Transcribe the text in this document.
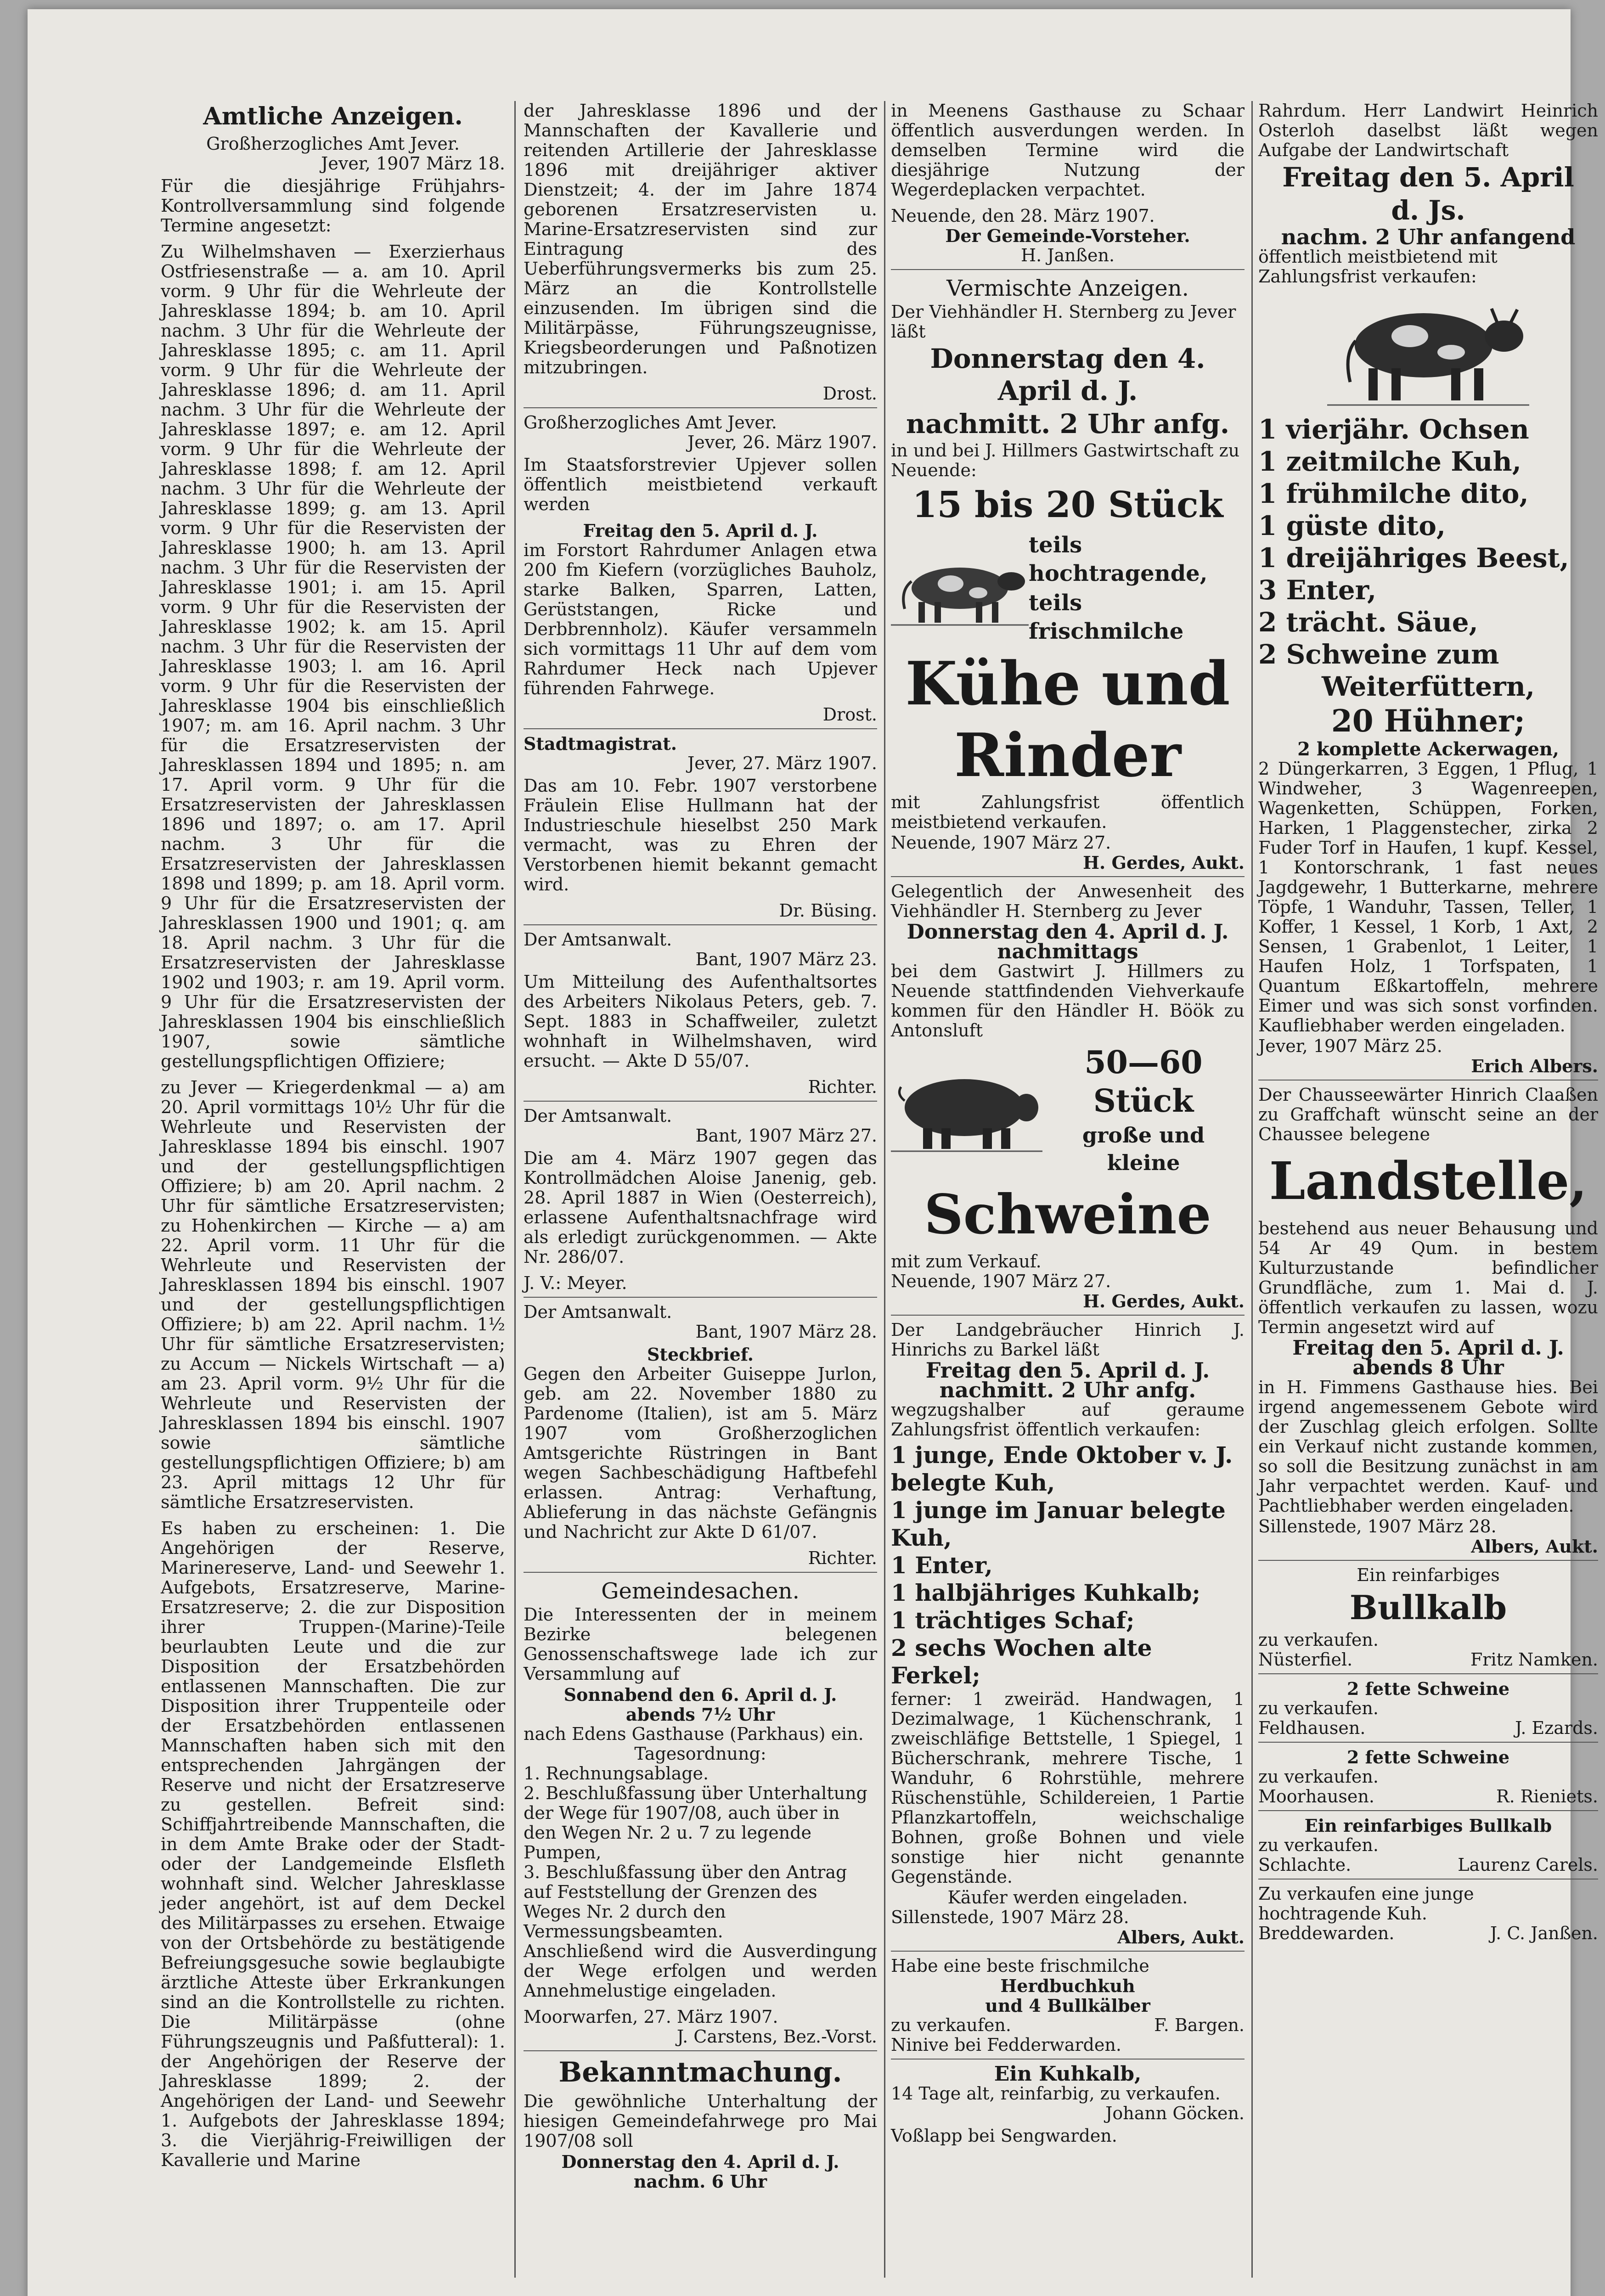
Amtliche Anzeigen.
Großherzogliches Amt Jever.
Jever, 1907 März 18.

Für die diesjährige Frühjahrs-Kontrollversammlung sind folgende Termine angesetzt:

Zu Wilhelmshaven — Exerzierhaus Ostfriesenstraße — a. am 10. April vorm. 9 Uhr für die Wehrleute der Jahresklasse 1894; b. am 10. April nachm. 3 Uhr für die Wehrleute der Jahresklasse 1895; c. am 11. April vorm. 9 Uhr für die Wehrleute der Jahresklasse 1896; d. am 11. April nachm. 3 Uhr für die Wehrleute der Jahresklasse 1897; e. am 12. April vorm. 9 Uhr für die Wehrleute der Jahresklasse 1898; f. am 12. April nachm. 3 Uhr für die Wehrleute der Jahresklasse 1899; g. am 13. April vorm. 9 Uhr für die Reservisten der Jahresklasse 1900; h. am 13. April nachm. 3 Uhr für die Reservisten der Jahresklasse 1901; i. am 15. April vorm. 9 Uhr für die Reservisten der Jahresklasse 1902; k. am 15. April nachm. 3 Uhr für die Reservisten der Jahresklasse 1903; l. am 16. April vorm. 9 Uhr für die Reservisten der Jahresklasse 1904 bis einschließlich 1907; m. am 16. April nachm. 3 Uhr für die Ersatzreservisten der Jahresklassen 1894 und 1895; n. am 17. April vorm. 9 Uhr für die Ersatzreservisten der Jahresklassen 1896 und 1897; o. am 17. April nachm. 3 Uhr für die Ersatzreservisten der Jahresklassen 1898 und 1899; p. am 18. April vorm. 9 Uhr für die Ersatzreservisten der Jahresklassen 1900 und 1901; q. am 18. April nachm. 3 Uhr für die Ersatzreservisten der Jahresklasse 1902 und 1903; r. am 19. April vorm. 9 Uhr für die Ersatzreservisten der Jahresklassen 1904 bis einschließlich 1907, sowie sämtliche gestellungspflichtigen Offiziere;

zu Jever — Kriegerdenkmal — a) am 20. April vormittags 10½ Uhr für die Wehrleute und Reservisten der Jahresklasse 1894 bis einschl. 1907 und der gestellungspflichtigen Offiziere; b) am 20. April nachm. 2 Uhr für sämtliche Ersatzreservisten; zu Hohenkirchen — Kirche — a) am 22. April vorm. 11 Uhr für die Wehrleute und Reservisten der Jahresklassen 1894 bis einschl. 1907 und der gestellungspflichtigen Offiziere; b) am 22. April nachm. 1½ Uhr für sämtliche Ersatzreservisten; zu Accum — Nickels Wirtschaft — a) am 23. April vorm. 9½ Uhr für die Wehrleute und Reservisten der Jahresklassen 1894 bis einschl. 1907 sowie sämtliche gestellungspflichtigen Offiziere; b) am 23. April mittags 12 Uhr für sämtliche Ersatzreservisten.

Es haben zu erscheinen: 1. Die Angehörigen der Reserve, Marinereserve, Land- und Seewehr 1. Aufgebots, Ersatzreserve, Marine-Ersatzreserve; 2. die zur Disposition ihrer Truppen-(Marine)-Teile beurlaubten Leute und die zur Disposition der Ersatzbehörden entlassenen Mannschaften. Die zur Disposition ihrer Truppenteile oder der Ersatzbehörden entlassenen Mannschaften haben sich mit den entsprechenden Jahrgängen der Reserve und nicht der Ersatzreserve zu gestellen. Befreit sind: Schiffjahrtreibende Mannschaften, die in dem Amte Brake oder der Stadt- oder der Landgemeinde Elsfleth wohnhaft sind. Welcher Jahresklasse jeder angehört, ist auf dem Deckel des Militärpasses zu ersehen. Etwaige von der Ortsbehörde zu bestätigende Befreiungsgesuche sowie beglaubigte ärztliche Atteste über Erkrankungen sind an die Kontrollstelle zu richten. Die Militärpässe (ohne Führungszeugnis und Paßfutteral): 1. der Angehörigen der Reserve der Jahresklasse 1899; 2. der Angehörigen der Land- und Seewehr 1. Aufgebots der Jahresklasse 1894; 3. die Vierjährig-Freiwilligen der Kavallerie und Marine

der Jahresklasse 1896 und der Mannschaften der Kavallerie und reitenden Artillerie der Jahresklasse 1896 mit dreijähriger aktiver Dienstzeit; 4. der im Jahre 1874 geborenen Ersatzreservisten u. Marine-Ersatzreservisten sind zur Eintragung des Ueberführungsvermerks bis zum 25. März an die Kontrollstelle einzusenden. Im übrigen sind die Militärpässe, Führungszeugnisse, Kriegsbeorderungen und Paßnotizen mitzubringen.

Drost.
Großherzogliches Amt Jever.
Jever, 26. März 1907.

Im Staatsforstrevier Upjever sollen öffentlich meistbietend verkauft werden

Freitag den 5. April d. J.

im Forstort Rahrdumer Anlagen etwa 200 fm Kiefern (vorzügliches Bauholz, starke Balken, Sparren, Latten, Gerüststangen, Ricke und Derbbrennholz). Käufer versammeln sich vormittags 11 Uhr auf dem vom Rahrdumer Heck nach Upjever führenden Fahrwege.

Drost.
Stadtmagistrat.
Jever, 27. März 1907.

Das am 10. Febr. 1907 verstorbene Fräulein Elise Hullmann hat der Industrieschule hieselbst 250 Mark vermacht, was zu Ehren der Verstorbenen hiemit bekannt gemacht wird.

Dr. Büsing.
Der Amtsanwalt.
Bant, 1907 März 23.

Um Mitteilung des Aufenthaltsortes des Arbeiters Nikolaus Peters, geb. 7. Sept. 1883 in Schaffweiler, zuletzt wohnhaft in Wilhelmshaven, wird ersucht. — Akte D 55/07.

Richter.
Der Amtsanwalt.
Bant, 1907 März 27.

Die am 4. März 1907 gegen das Kontrollmädchen Aloise Janenig, geb. 28. April 1887 in Wien (Oesterreich), erlassene Aufenthaltsnachfrage wird als erledigt zurückgenommen. — Akte Nr. 286/07.

J. V.: Meyer.
Der Amtsanwalt.
Bant, 1907 März 28.
Steckbrief.

Gegen den Arbeiter Guiseppe Jurlon, geb. am 22. November 1880 zu Pardenome (Italien), ist am 5. März 1907 vom Großherzoglichen Amtsgerichte Rüstringen in Bant wegen Sachbeschädigung Haftbefehl erlassen. Antrag: Verhaftung, Ablieferung in das nächste Gefängnis und Nachricht zur Akte D 61/07.

Richter.
Gemeindesachen.

Die Interessenten der in meinem Bezirke belegenen Genossenschaftswege lade ich zur Versammlung auf

Sonnabend den 6. April d. J.
abends 7½ Uhr
nach Edens Gasthause (Parkhaus) ein.
Tagesordnung:
1. Rechnungsablage.
2. Beschlußfassung über Unterhaltung der Wege für 1907/08, auch über in den Wegen Nr. 2 u. 7 zu legende Pumpen,
3. Beschlußfassung über den Antrag auf Feststellung der Grenzen des Weges Nr. 2 durch den Vermessungsbeamten.

Anschließend wird die Ausverdingung der Wege erfolgen und werden Annehmelustige eingeladen.

Moorwarfen, 27. März 1907.
J. Carstens, Bez.-Vorst.
Bekanntmachung.

Die gewöhnliche Unterhaltung der hiesigen Gemeindefahrwege pro Mai 1907/08 soll

Donnerstag den 4. April d. J.
nachm. 6 Uhr

in Meenens Gasthause zu Schaar öffentlich ausverdungen werden. In demselben Termine wird die diesjährige Nutzung der Wegerdeplacken verpachtet.

Neuende, den 28. März 1907.
Der Gemeinde-Vorsteher.
H. Janßen.
Vermischte Anzeigen.
Der Viehhändler H. Sternberg zu Jever läßt
Donnerstag den 4. April d. J.
nachmitt. 2 Uhr anfg.
in und bei J. Hillmers Gastwirtschaft zu Neuende:
15 bis 20 Stück
teils hochtragende,
teils frischmilche
Kühe und
Rinder

mit Zahlungsfrist öffentlich meistbietend verkaufen.

Neuende, 1907 März 27.
H. Gerdes, Aukt.

Gelegentlich der Anwesenheit des Viehhändler H. Sternberg zu Jever

Donnerstag den 4. April d. J.
nachmittags

bei dem Gastwirt J. Hillmers zu Neuende stattfindenden Viehverkaufe kommen für den Händler H. Böök zu Antonsluft

50—60 Stück
große und kleine
Schweine
mit zum Verkauf.
Neuende, 1907 März 27.
H. Gerdes, Aukt.

Der Landgebräucher Hinrich J. Hinrichs zu Barkel läßt

Freitag den 5. April d. J.
nachmitt. 2 Uhr anfg.

wegzugshalber auf geraume Zahlungsfrist öffentlich verkaufen:

1 junge, Ende Oktober v. J. belegte Kuh,
1 junge im Januar belegte Kuh,
1 Enter,
1 halbjähriges Kuhkalb;
1 trächtiges Schaf;
2 sechs Wochen alte Ferkel;

ferner: 1 zweiräd. Handwagen, 1 Dezimalwage, 1 Küchenschrank, 1 zweischläfige Bettstelle, 1 Spiegel, 1 Bücherschrank, mehrere Tische, 1 Wanduhr, 6 Rohrstühle, mehrere Rüschenstühle, Schildereien, 1 Partie Pflanzkartoffeln, weichschalige Bohnen, große Bohnen und viele sonstige hier nicht genannte Gegenstände.

Käufer werden eingeladen.
Sillenstede, 1907 März 28.
Albers, Aukt.
Habe eine beste frischmilche
Herdbuchkuh
und 4 Bullkälber
zu verkaufen.	F. Bargen.
Ninive bei Fedderwarden.
Ein Kuhkalb,
14 Tage alt, reinfarbig, zu verkaufen.
Johann Göcken.
Voßlapp bei Sengwarden.

Rahrdum. Herr Landwirt Heinrich Osterloh daselbst läßt wegen Aufgabe der Landwirtschaft

Freitag den 5. April
d. Js.
nachm. 2 Uhr anfangend
öffentlich meistbietend mit Zahlungsfrist verkaufen:
1 vierjähr. Ochsen
1 zeitmilche Kuh,
1 frühmilche dito,
1 güste dito,
1 dreijähriges Beest,
3 Enter,
2 trächt. Säue,
2 Schweine zum
Weiterfüttern,
20 Hühner;
2 komplette Ackerwagen,

2 Düngerkarren, 3 Eggen, 1 Pflug, 1 Windweher, 3 Wagenreepen, Wagenketten, Schüppen, Forken, Harken, 1 Plaggenstecher, zirka 2 Fuder Torf in Haufen, 1 kupf. Kessel, 1 Kontorschrank, 1 fast neues Jagdgewehr, 1 Butterkarne, mehrere Töpfe, 1 Wanduhr, Tassen, Teller, 1 Koffer, 1 Kessel, 1 Korb, 1 Axt, 2 Sensen, 1 Grabenlot, 1 Leiter, 1 Haufen Holz, 1 Torfspaten, 1 Quantum Eßkartoffeln, mehrere Eimer und was sich sonst vorfinden. Kaufliebhaber werden eingeladen.

Jever, 1907 März 25.
Erich Albers.

Der Chausseewärter Hinrich Claaßen zu Graffchaft wünscht seine an der Chaussee belegene

Landstelle,

bestehend aus neuer Behausung und 54 Ar 49 Qum. in bestem Kulturzustande befindlicher Grundfläche, zum 1. Mai d. J. öffentlich verkaufen zu lassen, wozu Termin angesetzt wird auf

Freitag den 5. April d. J.
abends 8 Uhr

in H. Fimmens Gasthause hies. Bei irgend angemessenem Gebote wird der Zuschlag gleich erfolgen. Sollte ein Verkauf nicht zustande kommen, so soll die Besitzung zunächst in am Jahr verpachtet werden. Kauf- und Pachtliebhaber werden eingeladen.

Sillenstede, 1907 März 28.
Albers, Aukt.
Ein reinfarbiges
Bullkalb
zu verkaufen.
Nüsterfiel.	Fritz Namken.
2 fette Schweine
zu verkaufen.
Feldhausen.	J. Ezards.
2 fette Schweine
zu verkaufen.
Moorhausen.	R. Rieniets.
Ein reinfarbiges Bullkalb
zu verkaufen.
Schlachte.	Laurenz Carels.
Zu verkaufen eine junge hochtragende Kuh.
Breddewarden.	J. C. Janßen.
